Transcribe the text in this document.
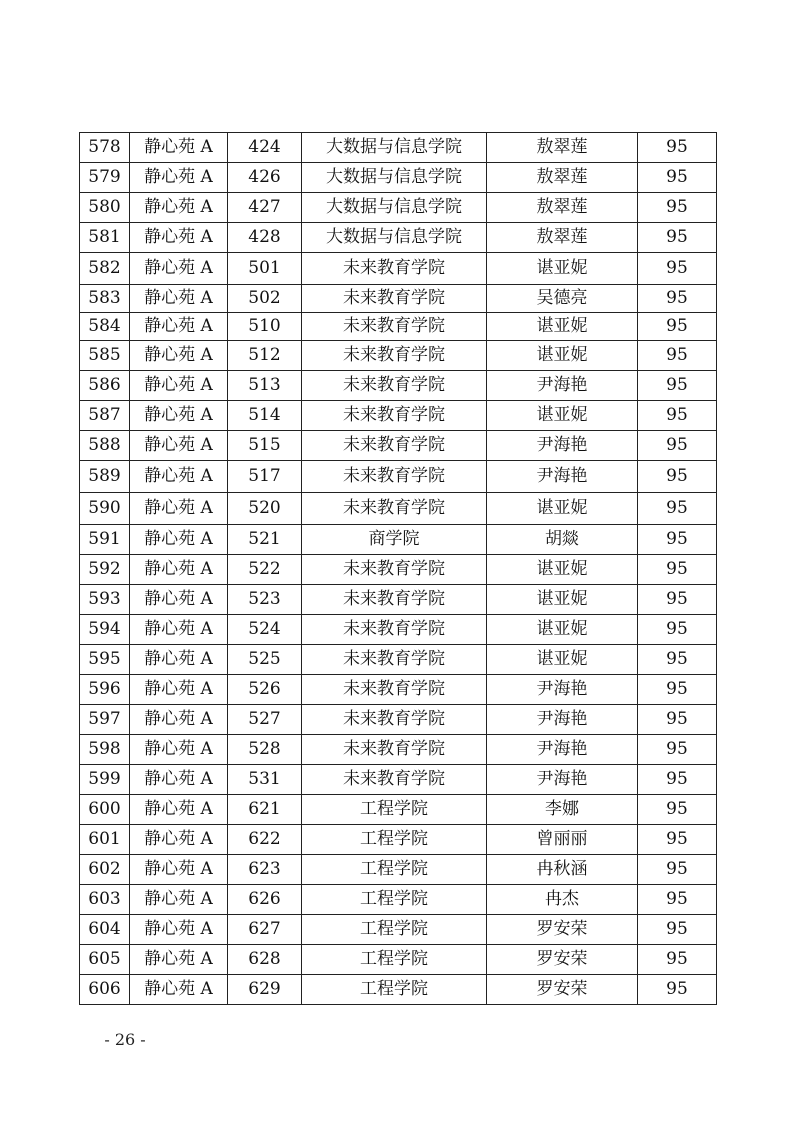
578	静心苑 A	424	大数据与信息学院	敖翠莲	95
579	静心苑 A	426	大数据与信息学院	敖翠莲	95
580	静心苑 A	427	大数据与信息学院	敖翠莲	95
581	静心苑 A	428	大数据与信息学院	敖翠莲	95
582	静心苑 A	501	未来教育学院	谌亚妮	95
583	静心苑 A	502	未来教育学院	吴德亮	95
584	静心苑 A	510	未来教育学院	谌亚妮	95
585	静心苑 A	512	未来教育学院	谌亚妮	95
586	静心苑 A	513	未来教育学院	尹海艳	95
587	静心苑 A	514	未来教育学院	谌亚妮	95
588	静心苑 A	515	未来教育学院	尹海艳	95
589	静心苑 A	517	未来教育学院	尹海艳	95
590	静心苑 A	520	未来教育学院	谌亚妮	95
591	静心苑 A	521	商学院	胡燚	95
592	静心苑 A	522	未来教育学院	谌亚妮	95
593	静心苑 A	523	未来教育学院	谌亚妮	95
594	静心苑 A	524	未来教育学院	谌亚妮	95
595	静心苑 A	525	未来教育学院	谌亚妮	95
596	静心苑 A	526	未来教育学院	尹海艳	95
597	静心苑 A	527	未来教育学院	尹海艳	95
598	静心苑 A	528	未来教育学院	尹海艳	95
599	静心苑 A	531	未来教育学院	尹海艳	95
600	静心苑 A	621	工程学院	李娜	95
601	静心苑 A	622	工程学院	曾丽丽	95
602	静心苑 A	623	工程学院	冉秋涵	95
603	静心苑 A	626	工程学院	冉杰	95
604	静心苑 A	627	工程学院	罗安荣	95
605	静心苑 A	628	工程学院	罗安荣	95
606	静心苑 A	629	工程学院	罗安荣	95
- 26 -
